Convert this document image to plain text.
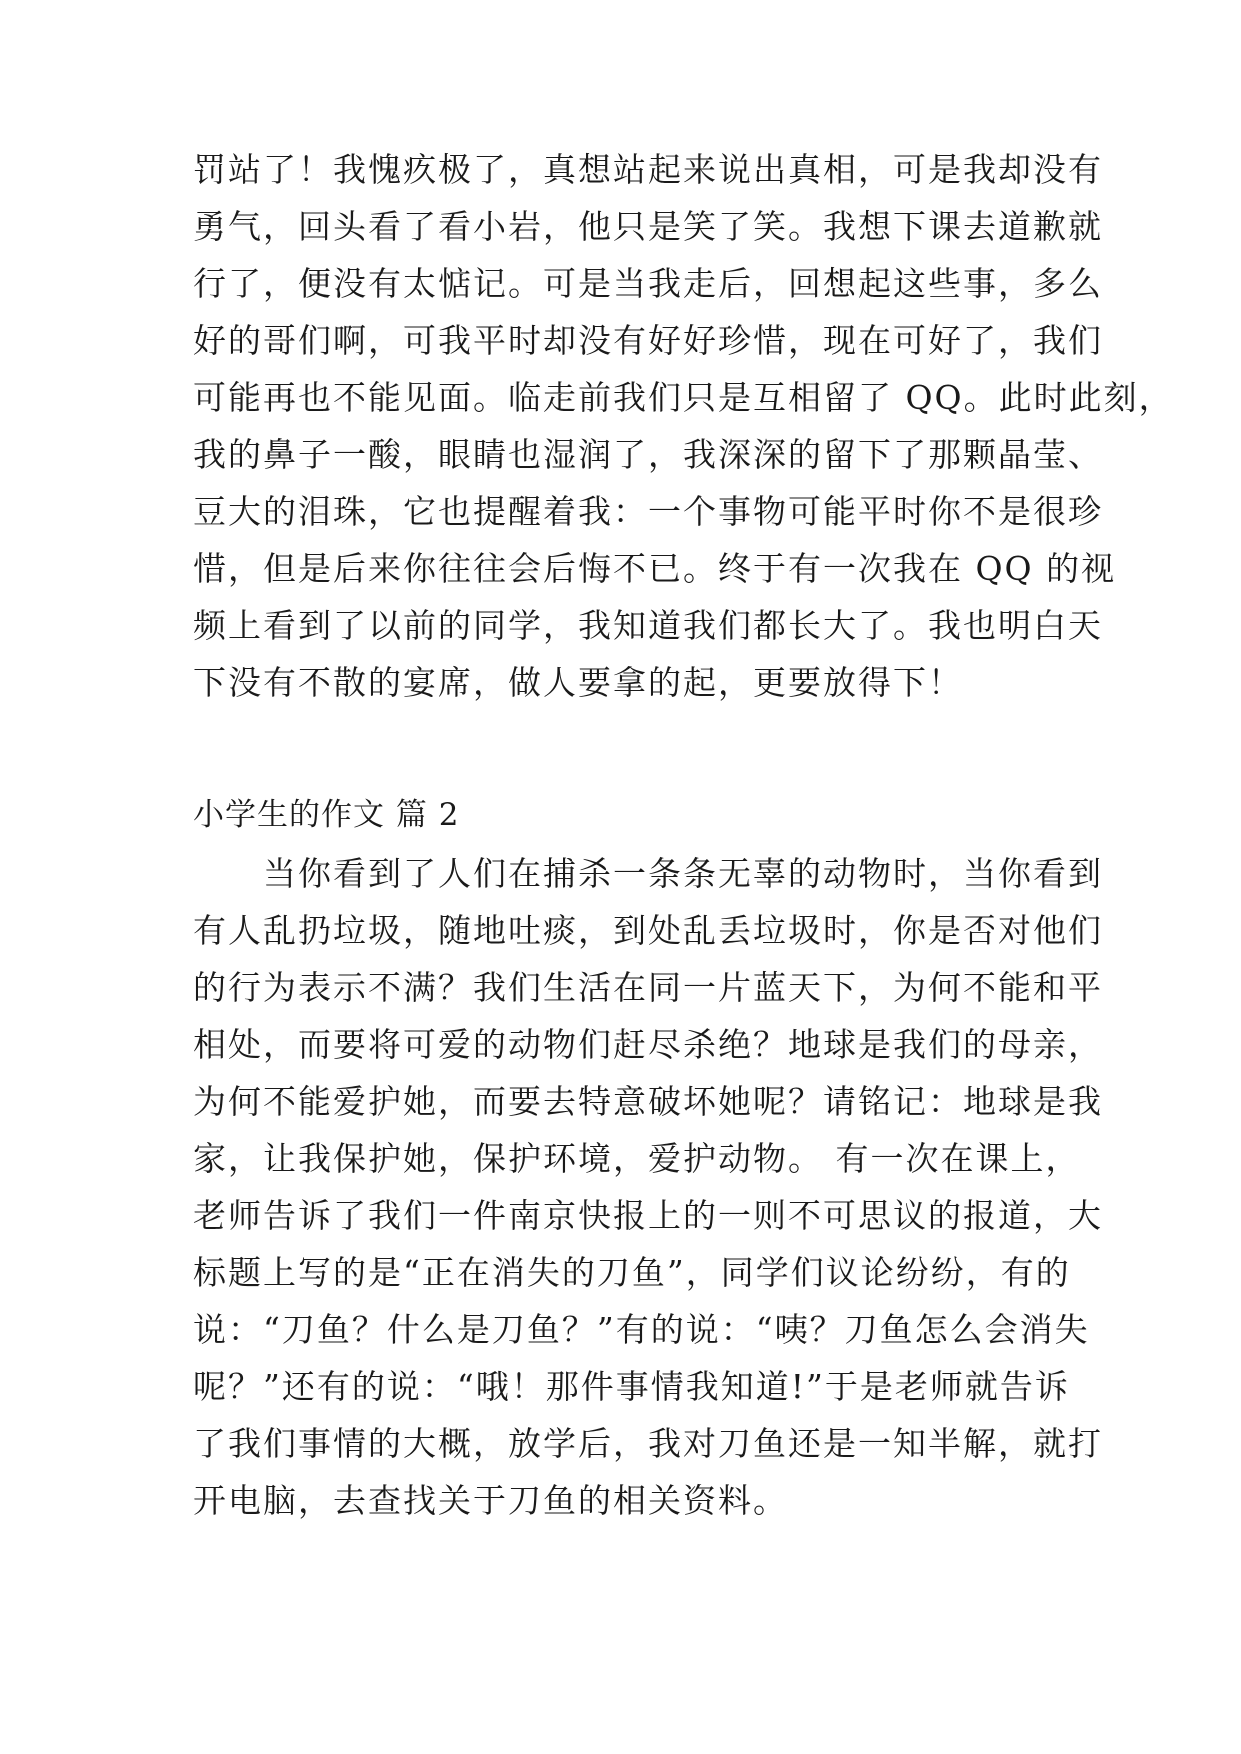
罚站了！我愧疚极了，真想站起来说出真相，可是我却没有
勇气，回头看了看小岩，他只是笑了笑。我想下课去道歉就
行了，便没有太惦记。可是当我走后，回想起这些事，多么
好的哥们啊，可我平时却没有好好珍惜，现在可好了，我们
可能再也不能见面。临走前我们只是互相留了 QQ。此时此刻，
我的鼻子一酸，眼睛也湿润了，我深深的留下了那颗晶莹、
豆大的泪珠，它也提醒着我：一个事物可能平时你不是很珍
惜，但是后来你往往会后悔不已。终于有一次我在 QQ 的视
频上看到了以前的同学，我知道我们都长大了。我也明白天
下没有不散的宴席，做人要拿的起，更要放得下！
小学生的作文 篇 2
　　当你看到了人们在捕杀一条条无辜的动物时，当你看到
有人乱扔垃圾，随地吐痰，到处乱丢垃圾时，你是否对他们
的行为表示不满？我们生活在同一片蓝天下，为何不能和平
相处，而要将可爱的动物们赶尽杀绝？地球是我们的母亲，
为何不能爱护她，而要去特意破坏她呢？请铭记：地球是我
家，让我保护她，保护环境，爱护动物。 有一次在课上，
老师告诉了我们一件南京快报上的一则不可思议的报道，大
标题上写的是“正在消失的刀鱼”，同学们议论纷纷，有的
说：“刀鱼？什么是刀鱼？”有的说：“咦？刀鱼怎么会消失
呢？”还有的说：“哦！那件事情我知道!”于是老师就告诉
了我们事情的大概，放学后，我对刀鱼还是一知半解，就打
开电脑，去查找关于刀鱼的相关资料。
